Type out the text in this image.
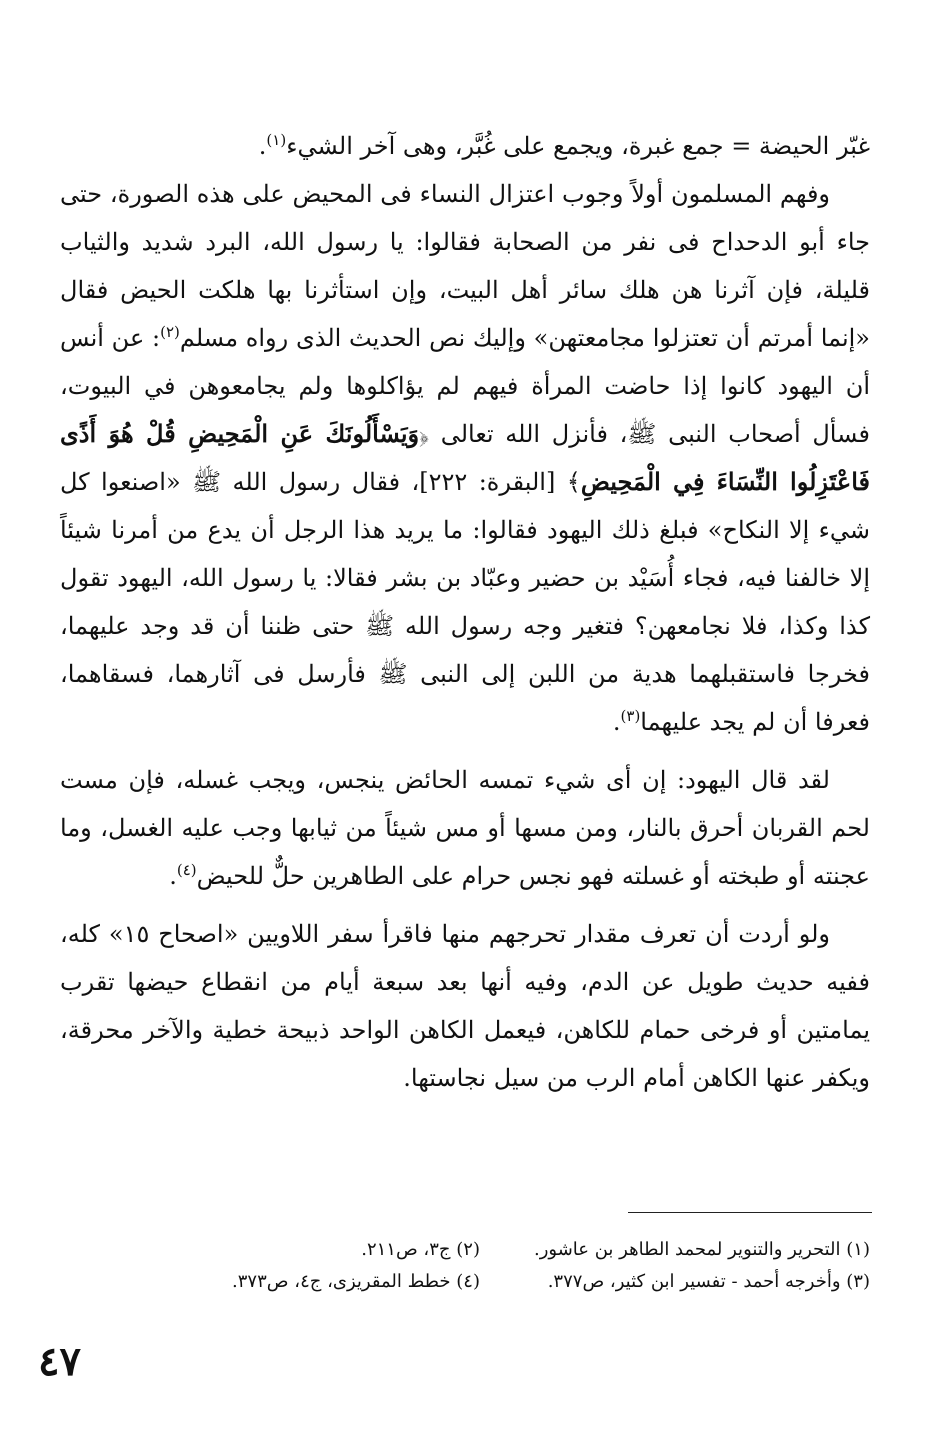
غبّر الحيضة = جمع غبرة، ويجمع على غُبَّر، وهى آخر الشيء$^{(١)}$.

وفهم المسلمون أولاً وجوب اعتزال النساء فى المحيض على هذه الصورة، حتى جاء أبو الدحداح فى نفر من الصحابة فقالوا: يا رسول الله، البرد شديد والثياب قليلة، فإن آثرنا هن هلك سائر أهل البيت، وإن استأثرنا بها هلكت الحيض فقال «إنما أمرتم أن تعتزلوا مجامعتهن» وإليك نص الحديث الذى رواه مسلم$^{(٢)}$: عن أنس أن اليهود كانوا إذا حاضت المرأة فيهم لم يؤاكلوها ولم يجامعوهن في البيوت، فسأل أصحاب النبى ﷺ، فأنزل الله تعالى ﴿وَيَسْأَلُونَكَ عَنِ الْمَحِيضِ قُلْ هُوَ أَذًى فَاعْتَزِلُوا النِّسَاءَ فِي الْمَحِيضِ﴾ [البقرة: ٢٢٢]، فقال رسول الله ﷺ «اصنعوا كل شيء إلا النكاح» فبلغ ذلك اليهود فقالوا: ما يريد هذا الرجل أن يدع من أمرنا شيئاً إلا خالفنا فيه، فجاء أُسَيْد بن حضير وعبّاد بن بشر فقالا: يا رسول الله، اليهود تقول كذا وكذا، فلا نجامعهن؟ فتغير وجه رسول الله ﷺ حتى ظننا أن قد وجد عليهما، فخرجا فاستقبلهما هدية من اللبن إلى النبى ﷺ فأرسل فى آثارهما، فسقاهما، فعرفا أن لم يجد عليهما$^{(٣)}$.

لقد قال اليهود: إن أى شيء تمسه الحائض ينجس، ويجب غسله، فإن مست لحم القربان أحرق بالنار، ومن مسها أو مس شيئاً من ثيابها وجب عليه الغسل، وما عجنته أو طبخته أو غسلته فهو نجس حرام على الطاهرين حلٌّ للحيض$^{(٤)}$.

ولو أردت أن تعرف مقدار تحرجهم منها فاقرأ سفر اللاويين «اصحاح ١٥» كله، ففيه حديث طويل عن الدم، وفيه أنها بعد سبعة أيام من انقطاع حيضها تقرب يمامتين أو فرخى حمام للكاهن، فيعمل الكاهن الواحد ذبيحة خطية والآخر محرقة، ويكفر عنها الكاهن أمام الرب من سيل نجاستها.

(١) التحرير والتنوير لمحمد الطاهر بن عاشور.
(٢) ج٣، ص٢١١.
(٣) وأخرجه أحمد - تفسير ابن كثير، ص٣٧٧.
(٤) خطط المقريزى، ج٤، ص٣٧٣.
٤٧
